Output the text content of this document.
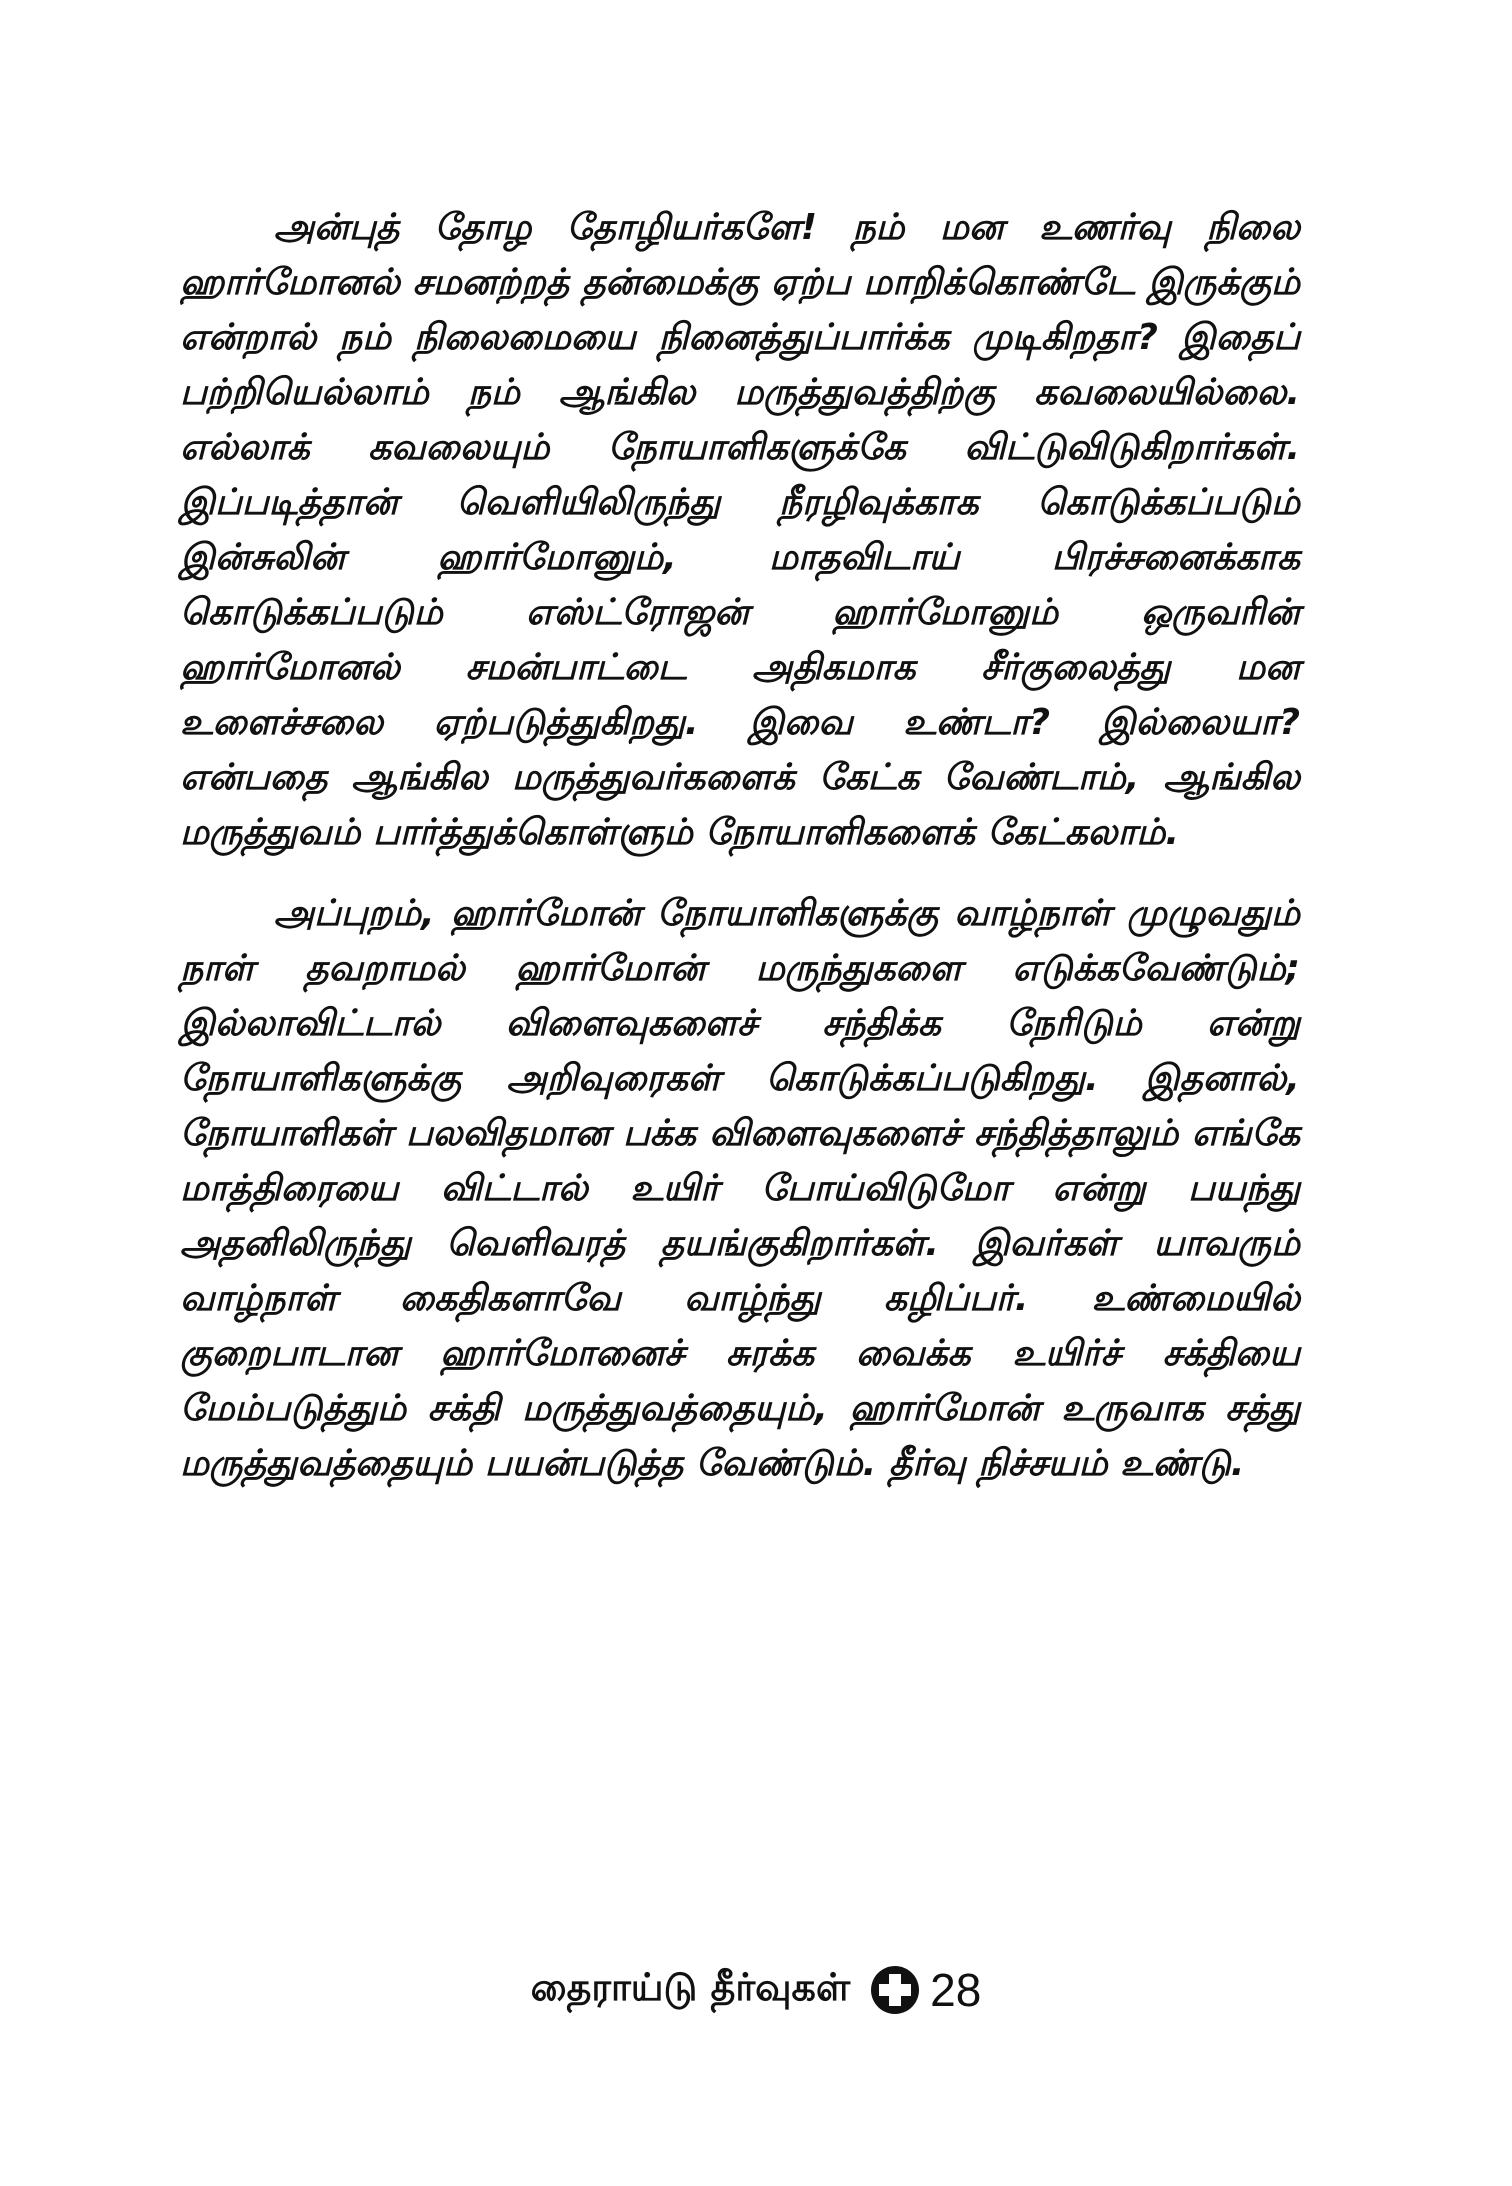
அன்புத் தோழ தோழியர்களே! நம் மன உணர்வு நிலை ஹார்மோனல் சமனற்றத் தன்மைக்கு ஏற்ப மாறிக்கொண்டே இருக்கும் என்றால் நம் நிலைமையை நினைத்துப்பார்க்க முடிகிறதா? இதைப் பற்றியெல்லாம் நம் ஆங்கில மருத்துவத்திற்கு கவலையில்லை. எல்லாக் கவலையும் நோயாளிகளுக்கே விட்டுவிடுகிறார்கள். இப்படித்தான் வெளியிலிருந்து நீரழிவுக்காக கொடுக்கப்படும் இன்சுலின் ஹார்மோனும், மாதவிடாய் பிரச்சனைக்காக கொடுக்கப்படும் எஸ்ட்ரோஜன் ஹார்மோனும் ஒருவரின் ஹார்மோனல் சமன்பாட்டை அதிகமாக சீர்குலைத்து மன உளைச்சலை ஏற்படுத்துகிறது. இவை உண்டா? இல்லையா? என்பதை ஆங்கில மருத்துவர்களைக் கேட்க வேண்டாம், ஆங்கில மருத்துவம் பார்த்துக்கொள்ளும் நோயாளிகளைக் கேட்கலாம்.

அப்புறம், ஹார்மோன் நோயாளிகளுக்கு வாழ்நாள் முழுவதும் நாள் தவறாமல் ஹார்மோன் மருந்துகளை எடுக்கவேண்டும்; இல்லாவிட்டால் விளைவுகளைச் சந்திக்க நேரிடும் என்று நோயாளிகளுக்கு அறிவுரைகள் கொடுக்கப்படுகிறது. இதனால், நோயாளிகள் பலவிதமான பக்க விளைவுகளைச் சந்தித்தாலும் எங்கே மாத்திரையை விட்டால் உயிர் போய்விடுமோ என்று பயந்து அதனிலிருந்து வெளிவரத் தயங்குகிறார்கள். இவர்கள் யாவரும் வாழ்நாள் கைதிகளாவே வாழ்ந்து கழிப்பர். உண்மையில் குறைபாடான ஹார்மோனைச் சுரக்க வைக்க உயிர்ச் சக்தியை மேம்படுத்தும் சக்தி மருத்துவத்தையும், ஹார்மோன் உருவாக சத்து மருத்துவத்தையும் பயன்படுத்த வேண்டும். தீர்வு நிச்சயம் உண்டு.

தைராய்டு தீர்வுகள் 28
